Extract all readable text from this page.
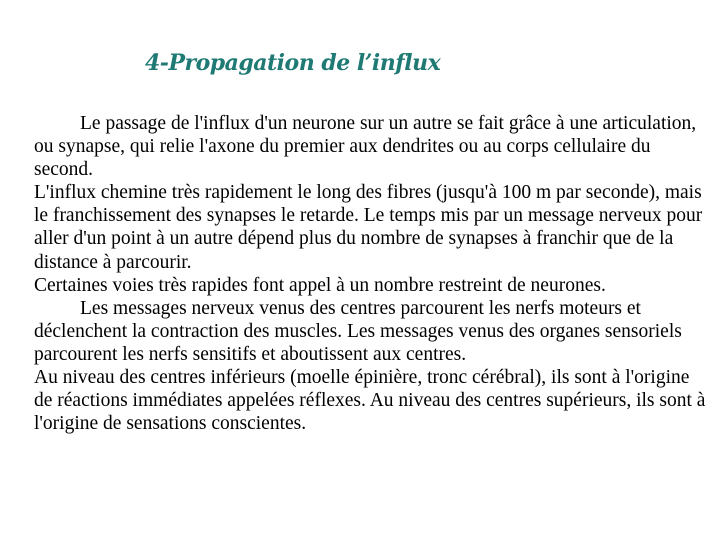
4-Propagation de l’influx

Le passage de l'influx d'un neurone sur un autre se fait grâce à une articulation, ou synapse, qui relie l'axone du premier aux dendrites ou au corps cellulaire du second.

L'influx chemine très rapidement le long des fibres (jusqu'à 100 m par seconde), mais le franchissement des synapses le retarde. Le temps mis par un message nerveux pour aller d'un point à un autre dépend plus du nombre de synapses à franchir que de la distance à parcourir.

Certaines voies très rapides font appel à un nombre restreint de neurones.

Les messages nerveux venus des centres parcourent les nerfs moteurs et déclenchent la contraction des muscles. Les messages venus des organes sensoriels parcourent les nerfs sensitifs et aboutissent aux centres.

Au niveau des centres inférieurs (moelle épinière, tronc cérébral), ils sont à l'origine de réactions immédiates appelées réflexes. Au niveau des centres supérieurs, ils sont à l'origine de sensations conscientes.
